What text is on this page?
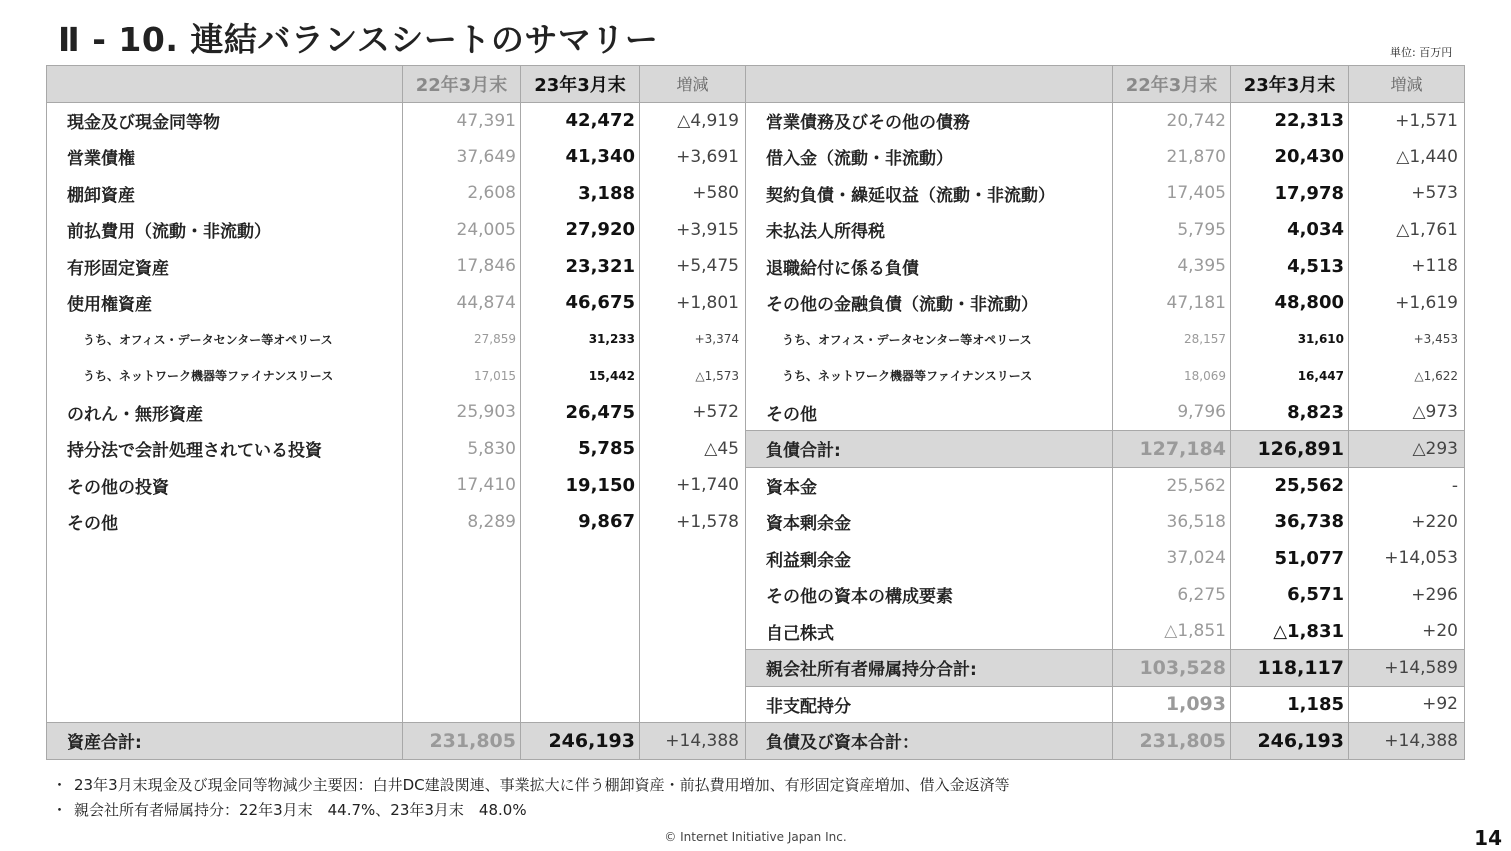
Ⅱ - 10. 連結バランスシートのサマリー	単位: 百万円
	22年3月末	23年3月末	増減		22年3月末	23年3月末	増減
現金及び現金同等物	47,391	42,472	△4,919	営業債務及びその他の債務	20,742	22,313	+1,571
営業債権	37,649	41,340	+3,691	借入金（流動・非流動）	21,870	20,430	△1,440
棚卸資産	2,608	3,188	+580	契約負債・繰延収益（流動・非流動）	17,405	17,978	+573
前払費用（流動・非流動）	24,005	27,920	+3,915	未払法人所得税	5,795	4,034	△1,761
有形固定資産	17,846	23,321	+5,475	退職給付に係る負債	4,395	4,513	+118
使用権資産	44,874	46,675	+1,801	その他の金融負債（流動・非流動）	47,181	48,800	+1,619
うち、オフィス・データセンター等オペリース	27,859	31,233	+3,374	うち、オフィス・データセンター等オペリース	28,157	31,610	+3,453
うち、ネットワーク機器等ファイナンスリース	17,015	15,442	△1,573	うち、ネットワーク機器等ファイナンスリース	18,069	16,447	△1,622
のれん・無形資産	25,903	26,475	+572	その他	9,796	8,823	△973
持分法で会計処理されている投資	5,830	5,785	△45	負債合計:	127,184	126,891	△293
その他の投資	17,410	19,150	+1,740	資本金	25,562	25,562	-
その他	8,289	9,867	+1,578	資本剰余金	36,518	36,738	+220
				利益剰余金	37,024	51,077	+14,053
				その他の資本の構成要素	6,275	6,571	+296
				自己株式	△1,851	△1,831	+20
				親会社所有者帰属持分合計:	103,528	118,117	+14,589
				非支配持分	1,093	1,185	+92
資産合計:	231,805	246,193	+14,388	負債及び資本合計：	231,805	246,193	+14,388
・ 23年3月末現金及び現金同等物減少主要因：白井DC建設関連、事業拡大に伴う棚卸資産・前払費用増加、有形固定資産増加、借入金返済等
・ 親会社所有者帰属持分：22年3月末　44.7%、23年3月末　48.0%
© Internet Initiative Japan Inc.	14
